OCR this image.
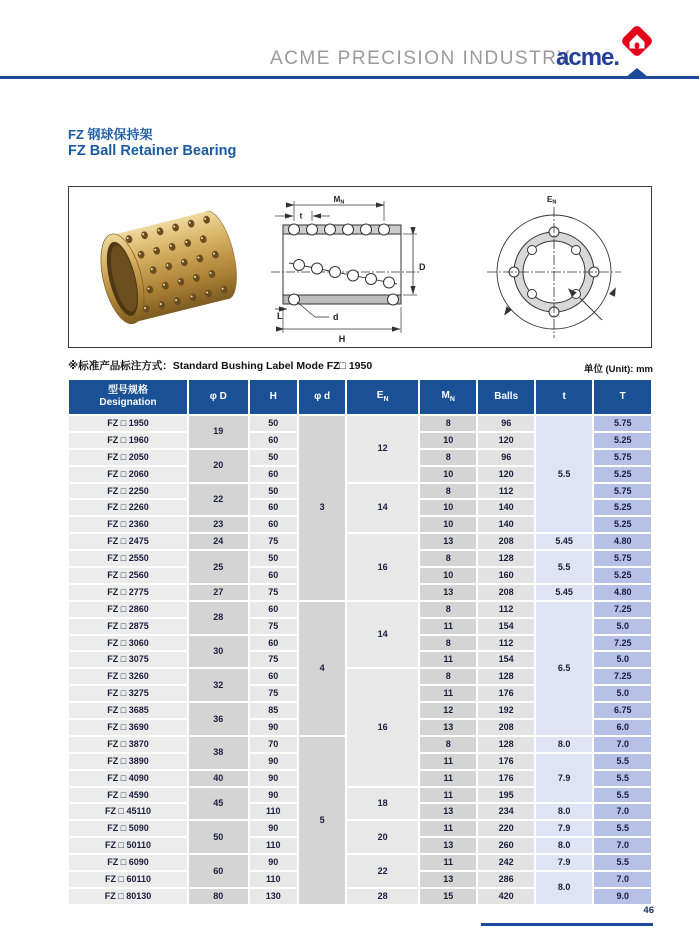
ACME PRECISION INDUSTRY
acme.
FZ 钢球保持架
FZ Ball Retainer Bearing
MN
t
D
L	d
H
EN
※标准产品标注方式：Standard Bushing Label Mode FZ□ 1950	单位 (Unit): mm
型号规格
Designation	φ D	H	φ d	$E_N$	$M_N$	Balls	t	T
FZ □ 1950	19	50	3	12	8	96	5.5	5.75
FZ □ 1960		60			10	120		5.25
FZ □ 2050	20	50			8	96		5.75
FZ □ 2060		60			10	120		5.25
FZ □ 2250	22	50		14	8	112		5.75
FZ □ 2260		60			10	140		5.25
FZ □ 2360	23	60			10	140		5.25
FZ □ 2475	24	75		16	13	208	5.45	4.80
FZ □ 2550	25	50			8	128	5.5	5.75
FZ □ 2560		60			10	160		5.25
FZ □ 2775	27	75			13	208	5.45	4.80
FZ □ 2860	28	60	4	14	8	112	6.5	7.25
FZ □ 2875		75			11	154		5.0
FZ □ 3060	30	60			8	112		7.25
FZ □ 3075		75			11	154		5.0
FZ □ 3260	32	60		16	8	128		7.25
FZ □ 3275		75			11	176		5.0
FZ □ 3685	36	85			12	192		6.75
FZ □ 3690		90			13	208		6.0
FZ □ 3870	38	70	5		8	128	8.0	7.0
FZ □ 3890		90			11	176	7.9	5.5
FZ □ 4090	40	90			11	176		5.5
FZ □ 4590	45	90		18	11	195		5.5
FZ □ 45110		110			13	234	8.0	7.0
FZ □ 5090	50	90		20	11	220	7.9	5.5
FZ □ 50110		110			13	260	8.0	7.0
FZ □ 6090	60	90		22	11	242	7.9	5.5
FZ □ 60110		110			13	286	8.0	7.0
FZ □ 80130	80	130		28	15	420		9.0
46
